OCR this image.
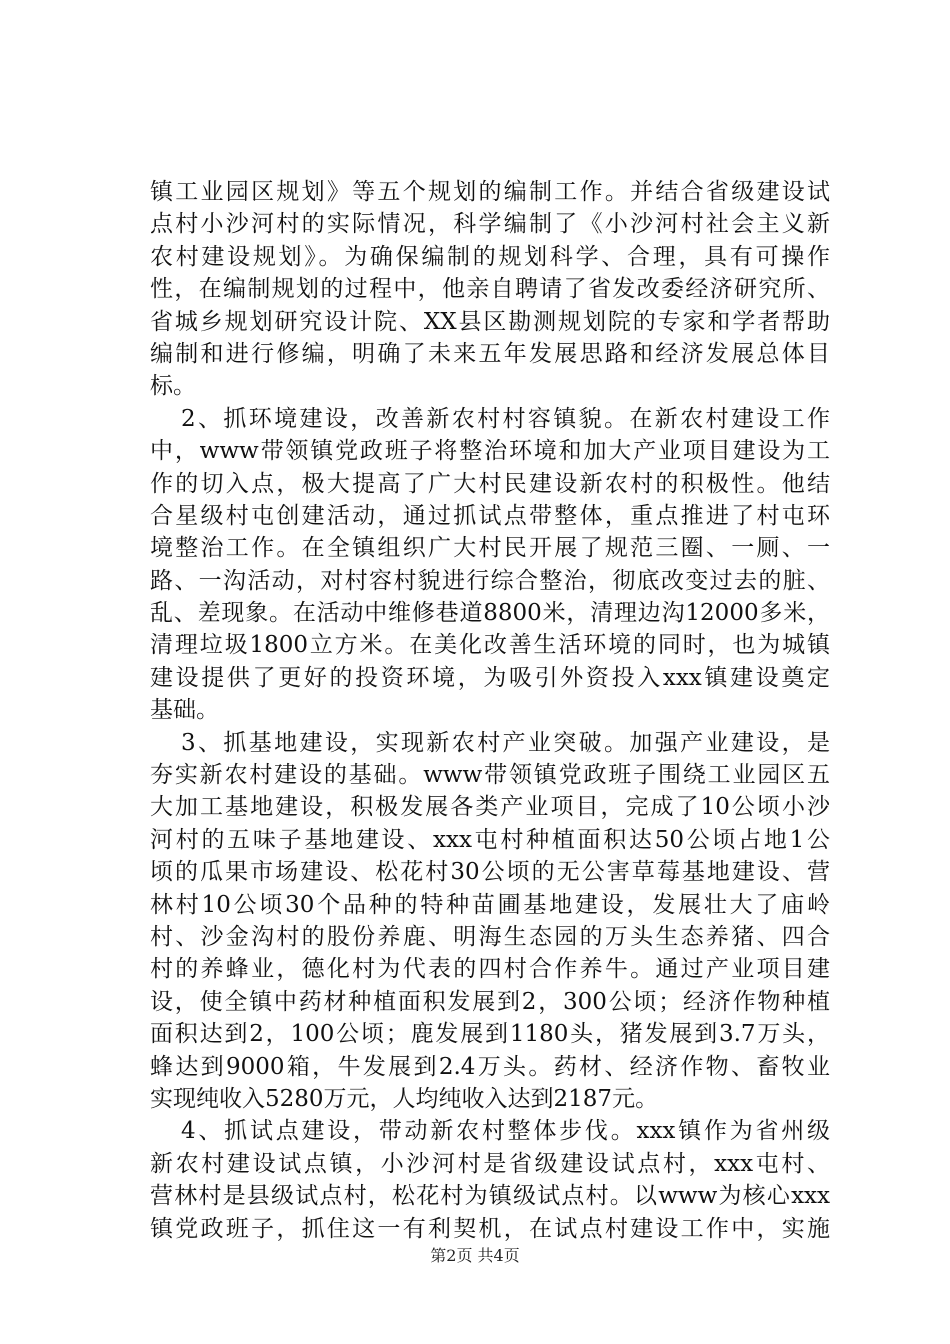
镇工业园区规划》等五个规划的编制工作。并结合省级建设试
点村小沙河村的实际情况，科学编制了《小沙河村社会主义新
农村建设规划》。为确保编制的规划科学、合理，具有可操作
性，在编制规划的过程中，他亲自聘请了省发改委经济研究所、
省城乡规划研究设计院、XX县区勘测规划院的专家和学者帮助
编制和进行修编，明确了未来五年发展思路和经济发展总体目
标。
2、抓环境建设，改善新农村村容镇貌。在新农村建设工作
中，www带领镇党政班子将整治环境和加大产业项目建设为工
作的切入点，极大提高了广大村民建设新农村的积极性。他结
合星级村屯创建活动，通过抓试点带整体，重点推进了村屯环
境整治工作。在全镇组织广大村民开展了规范三圈、一厕、一
路、一沟活动，对村容村貌进行综合整治，彻底改变过去的脏、
乱、差现象。在活动中维修巷道8800米，清理边沟12000多米，
清理垃圾1800立方米。在美化改善生活环境的同时，也为城镇
建设提供了更好的投资环境，为吸引外资投入xxx镇建设奠定
基础。
3、抓基地建设，实现新农村产业突破。加强产业建设，是
夯实新农村建设的基础。www带领镇党政班子围绕工业园区五
大加工基地建设，积极发展各类产业项目，完成了10公顷小沙
河村的五味子基地建设、xxx屯村种植面积达50公顷占地1公
顷的瓜果市场建设、松花村30公顷的无公害草莓基地建设、营
林村10公顷30个品种的特种苗圃基地建设，发展壮大了庙岭
村、沙金沟村的股份养鹿、明海生态园的万头生态养猪、四合
村的养蜂业，德化村为代表的四村合作养牛。通过产业项目建
设，使全镇中药材种植面积发展到2，300公顷；经济作物种植
面积达到2，100公顷；鹿发展到1180头，猪发展到3.7万头，
蜂达到9000箱，牛发展到2.4万头。药材、经济作物、畜牧业
实现纯收入5280万元，人均纯收入达到2187元。
4、抓试点建设，带动新农村整体步伐。xxx镇作为省州级
新农村建设试点镇，小沙河村是省级建设试点村，xxx屯村、
营林村是县级试点村，松花村为镇级试点村。以www为核心xxx
镇党政班子，抓住这一有利契机，在试点村建设工作中，实施
第2页 共4页
